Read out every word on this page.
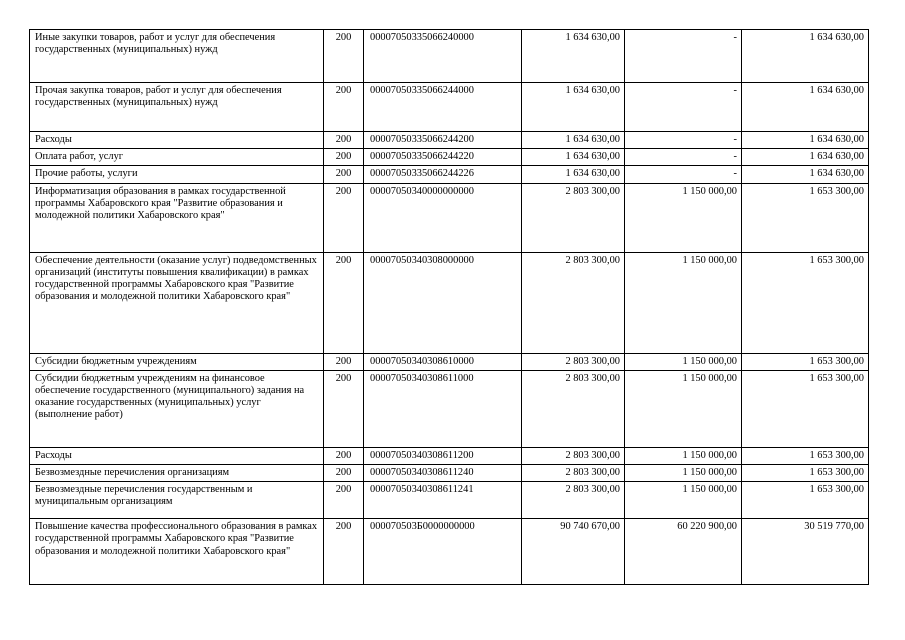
Иные закупки товаров, работ и услуг для обеспечения государственных (муниципальных) нужд	200	00007050335066240000	1 634 630,00	-	1 634 630,00
Прочая закупка товаров, работ и услуг для обеспечения государственных (муниципальных) нужд	200	00007050335066244000	1 634 630,00	-	1 634 630,00
Расходы	200	00007050335066244200	1 634 630,00	-	1 634 630,00
Оплата работ, услуг	200	00007050335066244220	1 634 630,00	-	1 634 630,00
Прочие работы, услуги	200	00007050335066244226	1 634 630,00	-	1 634 630,00
Информатизация образования в рамках государственной программы Хабаровского края "Развитие образования и молодежной политики Хабаровского края"	200	00007050340000000000	2 803 300,00	1 150 000,00	1 653 300,00
Обеспечение деятельности (оказание услуг) подведомственных организаций (институты повышения квалификации) в рамках государственной программы Хабаровского края "Развитие образования и молодежной политики Хабаровского края"	200	00007050340308000000	2 803 300,00	1 150 000,00	1 653 300,00
Субсидии бюджетным учреждениям	200	00007050340308610000	2 803 300,00	1 150 000,00	1 653 300,00
Субсидии бюджетным учреждениям на финансовое обеспечение государственного (муниципального) задания на оказание государственных (муниципальных) услуг (выполнение работ)	200	00007050340308611000	2 803 300,00	1 150 000,00	1 653 300,00
Расходы	200	00007050340308611200	2 803 300,00	1 150 000,00	1 653 300,00
Безвозмездные перечисления организациям	200	00007050340308611240	2 803 300,00	1 150 000,00	1 653 300,00
Безвозмездные перечисления государственным и муниципальным организациям	200	00007050340308611241	2 803 300,00	1 150 000,00	1 653 300,00
Повышение качества профессионального образования в рамках государственной программы Хабаровского края "Развитие образования и молодежной политики Хабаровского края"	200	000070503Б0000000000	90 740 670,00	60 220 900,00	30 519 770,00
